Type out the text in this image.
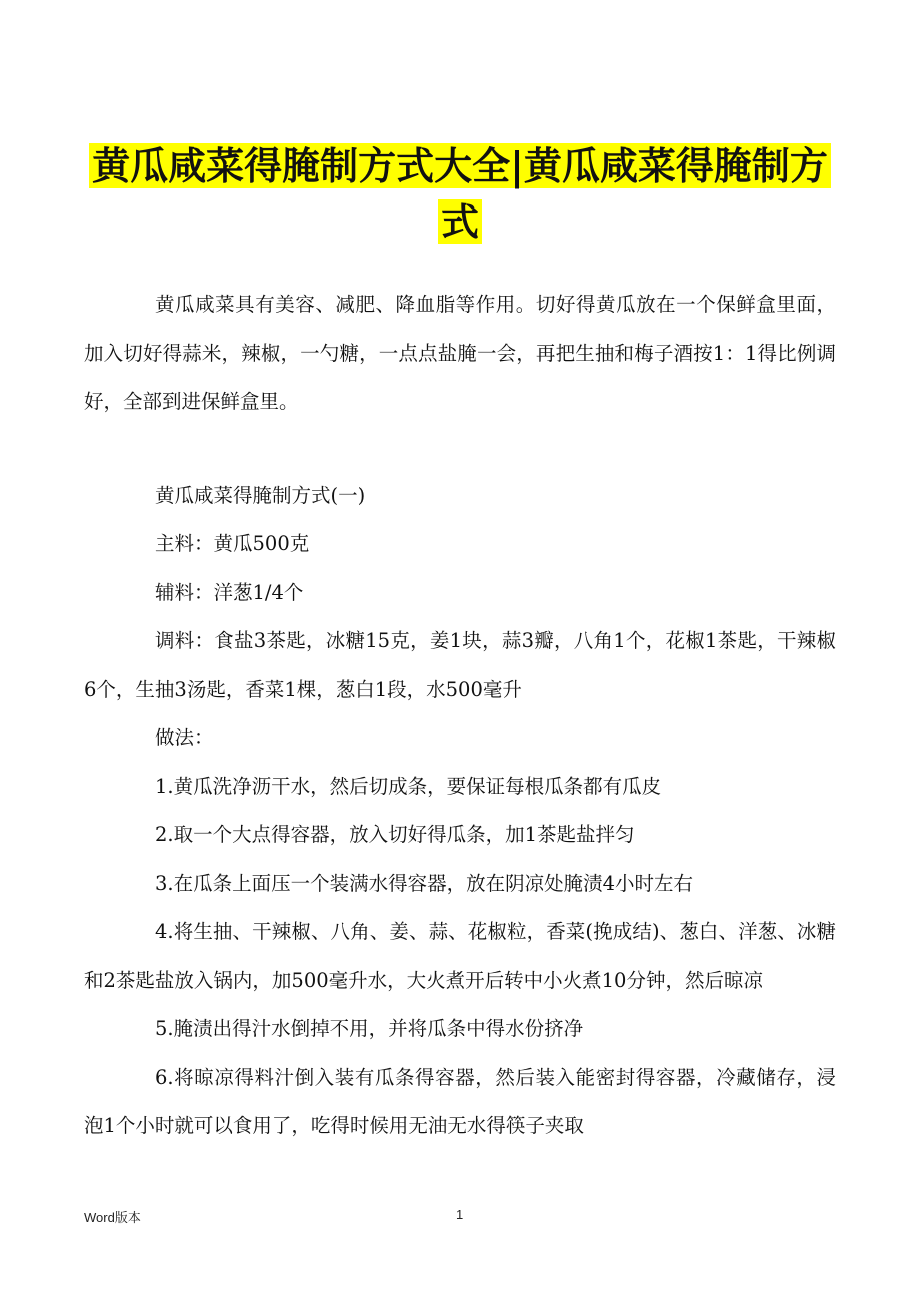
黄瓜咸菜得腌制方式大全|黄瓜咸菜得腌制方式

黄瓜咸菜具有美容、减肥、降血脂等作用。切好得黄瓜放在一个保鲜盒里面，加入切好得蒜米，辣椒，一勺糖，一点点盐腌一会，再把生抽和梅子酒按1：1得比例调好，全部到进保鲜盒里。

黄瓜咸菜得腌制方式(一)

主料：黄瓜500克

辅料：洋葱1/4个

调料：食盐3茶匙，冰糖15克，姜1块，蒜3瓣，八角1个，花椒1茶匙，干辣椒6个，生抽3汤匙，香菜1棵，葱白1段，水500毫升

做法：

1.黄瓜洗净沥干水，然后切成条，要保证每根瓜条都有瓜皮

2.取一个大点得容器，放入切好得瓜条，加1茶匙盐拌匀

3.在瓜条上面压一个装满水得容器，放在阴凉处腌渍4小时左右

4.将生抽、干辣椒、八角、姜、蒜、花椒粒，香菜(挽成结)、葱白、洋葱、冰糖和2茶匙盐放入锅内，加500毫升水，大火煮开后转中小火煮10分钟，然后晾凉

5.腌渍出得汁水倒掉不用，并将瓜条中得水份挤净

6.将晾凉得料汁倒入装有瓜条得容器，然后装入能密封得容器，冷藏储存，浸泡1个小时就可以食用了，吃得时候用无油无水得筷子夹取

Word版本	1
